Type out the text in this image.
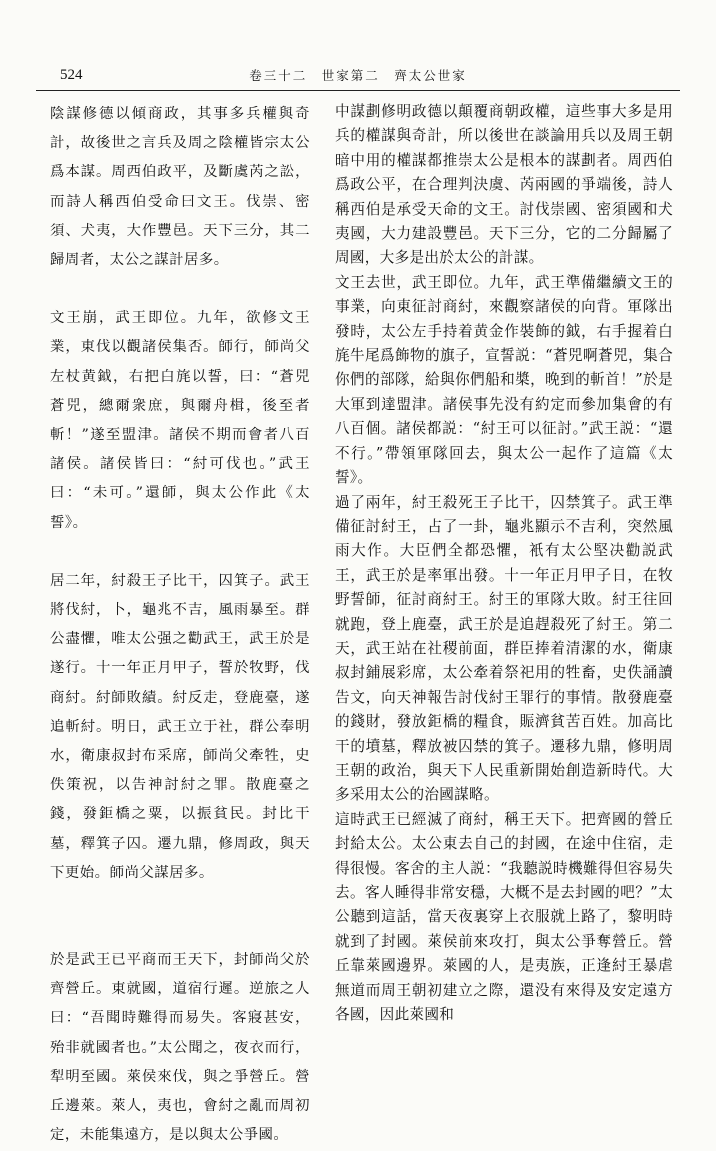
524	卷三十二　世家第二　齊太公世家

陰謀修德以傾商政，其事多兵權與奇計，故後世之言兵及周之陰權皆宗太公爲本謀。周西伯政平，及斷虞芮之訟，而詩人稱西伯受命曰文王。伐崇、密須、犬夷，大作豐邑。天下三分，其二歸周者，太公之謀計居多。

文王崩，武王即位。九年，欲修文王業，東伐以觀諸侯集否。師行，師尚父左杖黄鉞，右把白旄以誓，曰：“蒼兕蒼兕，總爾衆庶，與爾舟楫，後至者斬！”遂至盟津。諸侯不期而會者八百諸侯。諸侯皆曰：“紂可伐也。”武王曰：“未可。”還師，與太公作此《太誓》。

居二年，紂殺王子比干，囚箕子。武王將伐紂，卜，龜兆不吉，風雨暴至。群公盡懼，唯太公强之勸武王，武王於是遂行。十一年正月甲子，誓於牧野，伐商紂。紂師敗績。紂反走，登鹿臺，遂追斬紂。明日，武王立于社，群公奉明水，衛康叔封布采席，師尚父牽牲，史佚策祝，以告神討紂之罪。散鹿臺之錢，發鉅橋之粟，以振貧民。封比干墓，釋箕子囚。遷九鼎，修周政，與天下更始。師尚父謀居多。

於是武王已平商而王天下，封師尚父於齊營丘。東就國，道宿行遲。逆旅之人曰：“吾聞時難得而易失。客寢甚安，殆非就國者也。”太公聞之，夜衣而行，犁明至國。萊侯來伐，與之爭營丘。營丘邊萊。萊人，夷也，會紂之亂而周初定，未能集遠方，是以與太公爭國。

中謀劃修明政德以顛覆商朝政權，這些事大多是用兵的權謀與奇計，所以後世在談論用兵以及周王朝暗中用的權謀都推崇太公是根本的謀劃者。周西伯爲政公平，在合理判決虞、芮兩國的爭端後，詩人稱西伯是承受天命的文王。討伐崇國、密須國和犬夷國，大力建設豐邑。天下三分，它的二分歸屬了周國，大多是出於太公的計謀。

文王去世，武王即位。九年，武王準備繼續文王的事業，向東征討商紂，來觀察諸侯的向背。軍隊出發時，太公左手持着黄金作裝飾的鉞，右手握着白旄牛尾爲飾物的旗子，宣誓説：“蒼兕啊蒼兕，集合你們的部隊，給與你們船和槳，晚到的斬首！”於是大軍到達盟津。諸侯事先没有約定而參加集會的有八百個。諸侯都説：“紂王可以征討。”武王説：“還不行。”帶領軍隊回去，與太公一起作了這篇《太誓》。

過了兩年，紂王殺死王子比干，囚禁箕子。武王準備征討紂王，占了一卦，龜兆顯示不吉利，突然風雨大作。大臣們全都恐懼，衹有太公堅决勸説武王，武王於是率軍出發。十一年正月甲子日，在牧野誓師，征討商紂王。紂王的軍隊大敗。紂王往回就跑，登上鹿臺，武王於是追趕殺死了紂王。第二天，武王站在社稷前面，群臣捧着清潔的水，衛康叔封鋪展彩席，太公牽着祭祀用的牲畜，史佚誦讀告文，向天神報告討伐紂王罪行的事情。散發鹿臺的錢財，發放鉅橋的糧食，賑濟貧苦百姓。加高比干的墳墓，釋放被囚禁的箕子。遷移九鼎，修明周王朝的政治，與天下人民重新開始創造新時代。大多采用太公的治國謀略。

這時武王已經滅了商紂，稱王天下。把齊國的營丘封給太公。太公東去自己的封國，在途中住宿，走得很慢。客舍的主人説：“我聽説時機難得但容易失去。客人睡得非常安穩，大概不是去封國的吧？”太公聽到這話，當天夜裏穿上衣服就上路了，黎明時就到了封國。萊侯前來攻打，與太公爭奪營丘。營丘靠萊國邊界。萊國的人，是夷族，正逢紂王暴虐無道而周王朝初建立之際，還没有來得及安定遠方各國，因此萊國和
